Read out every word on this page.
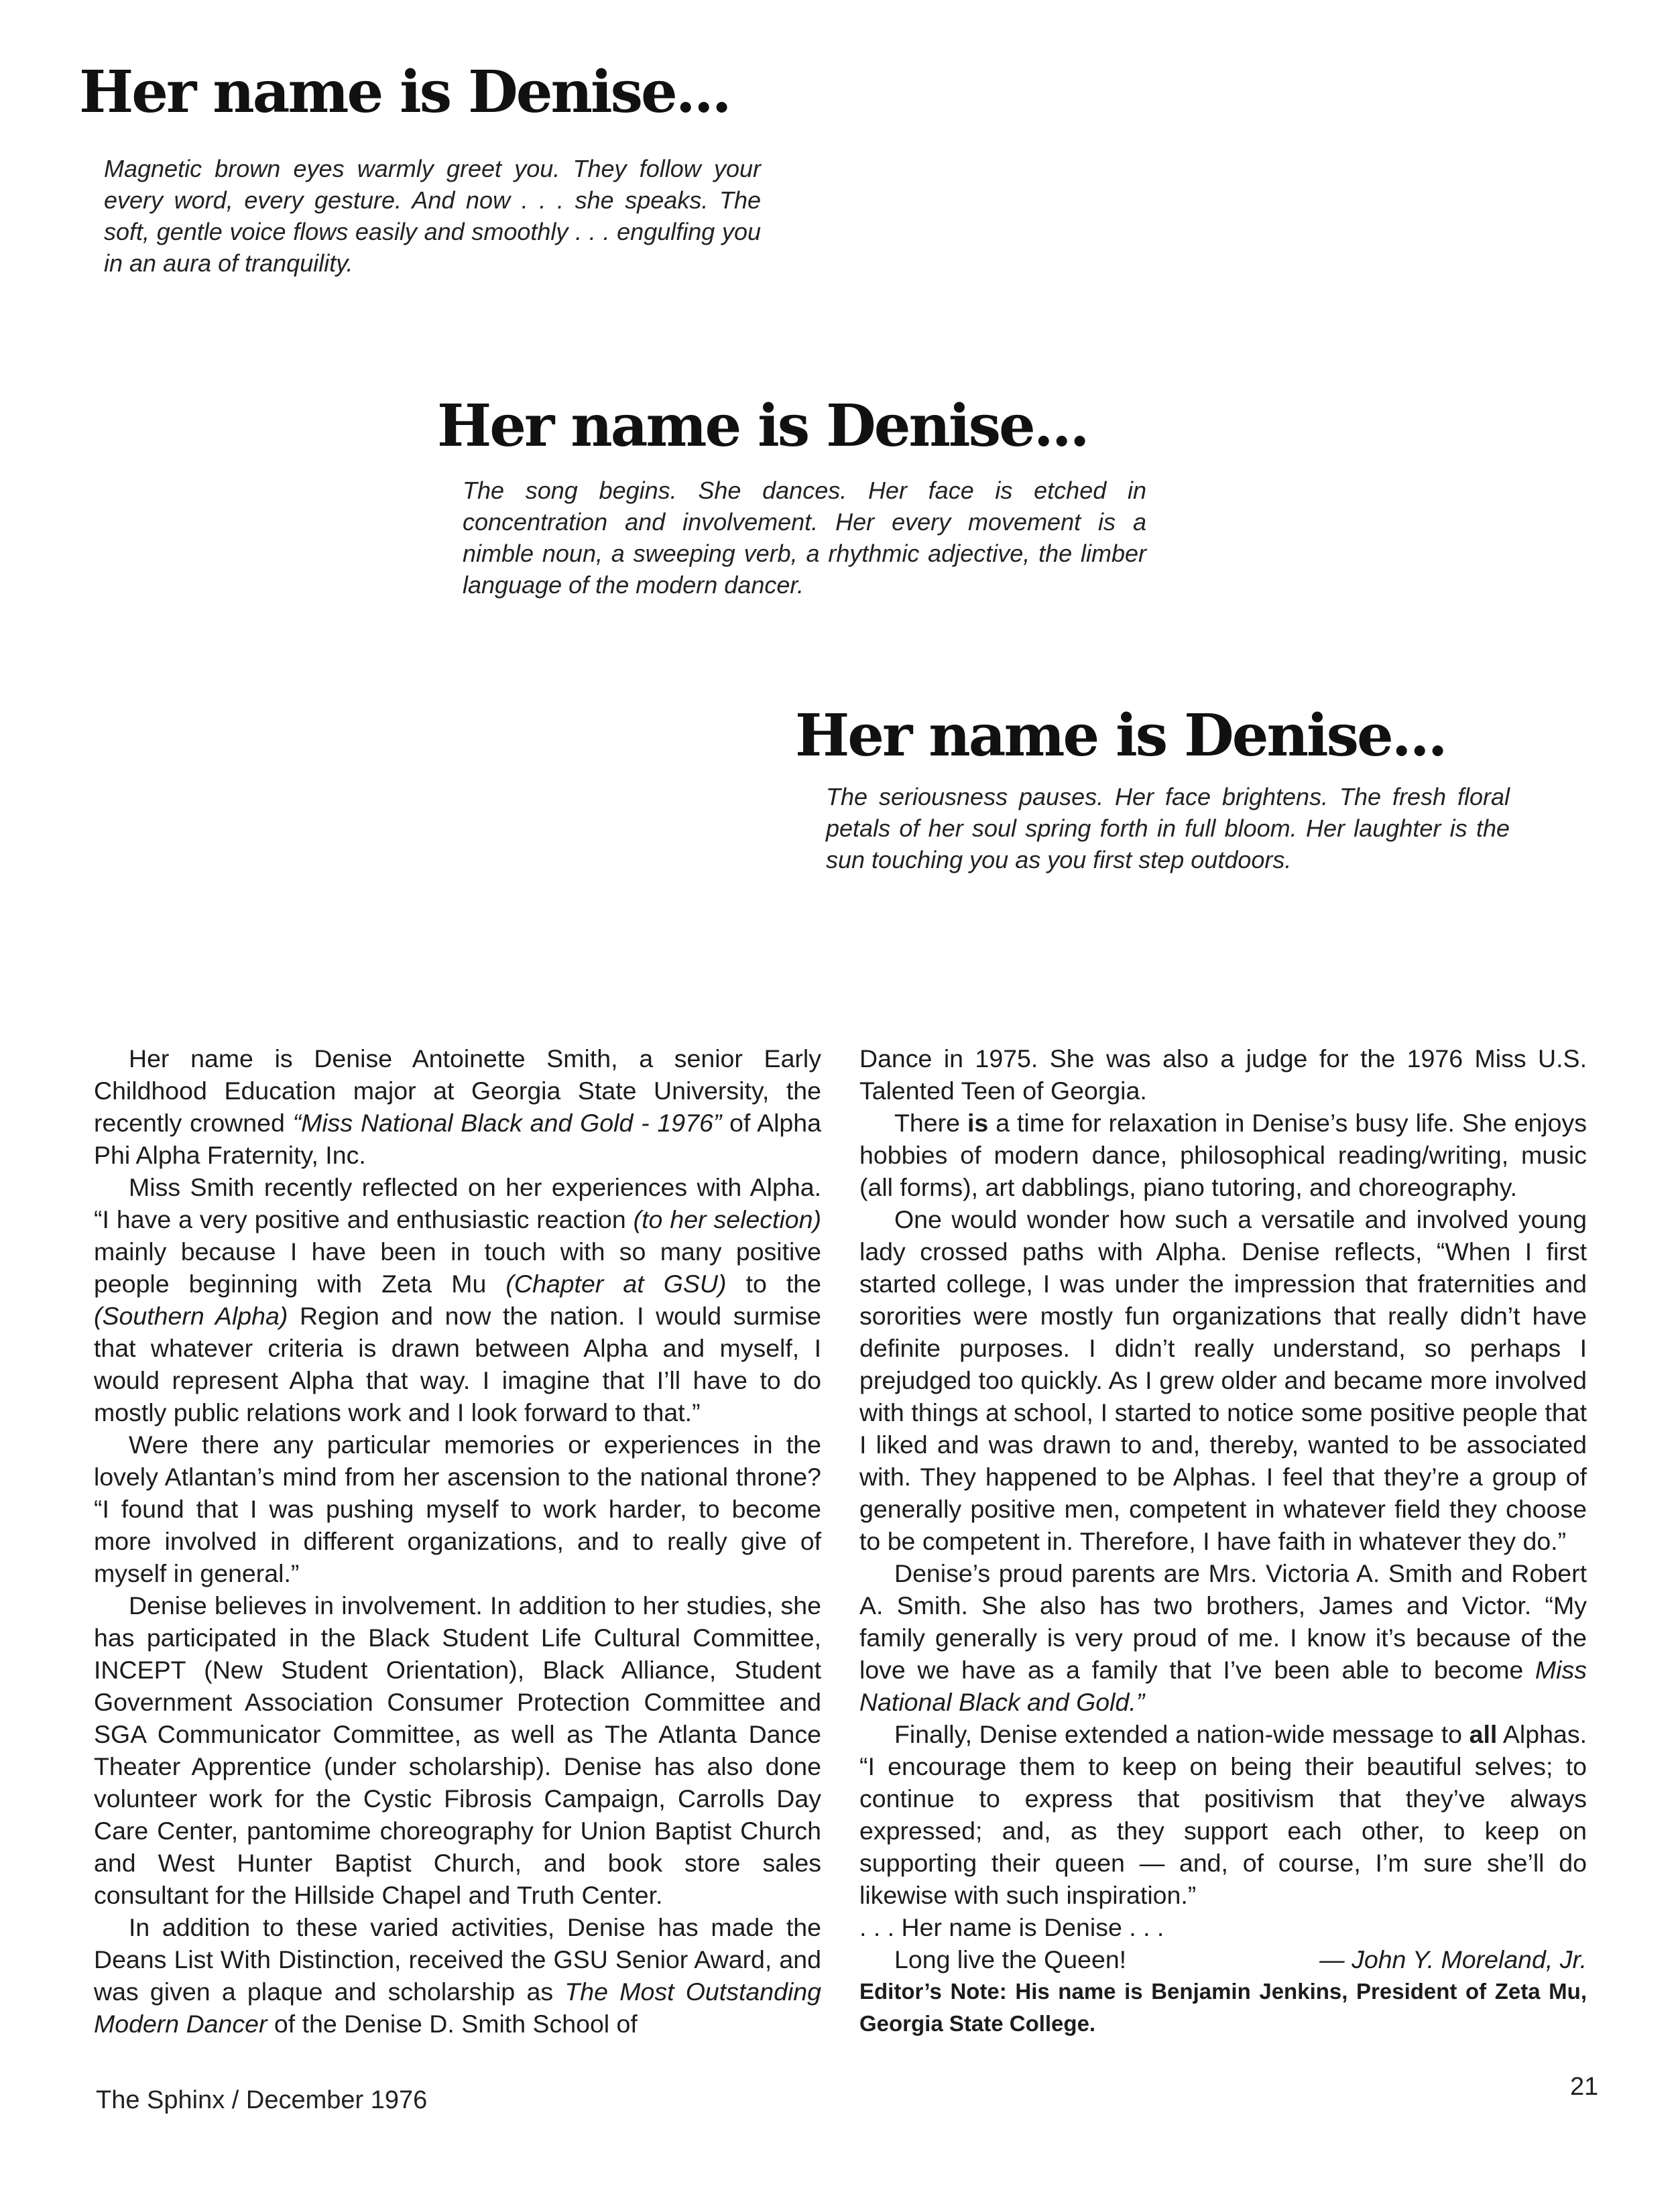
Her name is Denise...

Magnetic brown eyes warmly greet you. They follow your every word, every gesture. And now . . . she speaks. The soft, gentle voice flows easily and smoothly . . . engulfing you in an aura of tranquility.

Her name is Denise...

The song begins. She dances. Her face is etched in concentration and involvement. Her every movement is a nimble noun, a sweeping verb, a rhythmic adjective, the limber language of the modern dancer.

Her name is Denise...

The seriousness pauses. Her face brightens. The fresh floral petals of her soul spring forth in full bloom. Her laughter is the sun touching you as you first step outdoors.

Her name is Denise Antoinette Smith, a senior Early Childhood Education major at Georgia State University, the recently crowned “Miss National Black and Gold - 1976” of Alpha Phi Alpha Fraternity, Inc.

Miss Smith recently reflected on her experiences with Alpha. “I have a very positive and enthusiastic reaction (to her selection) mainly because I have been in touch with so many positive people beginning with Zeta Mu (Chapter at GSU) to the (Southern Alpha) Region and now the nation. I would surmise that whatever criteria is drawn between Alpha and myself, I would represent Alpha that way. I imagine that I’ll have to do mostly public relations work and I look forward to that.”

Were there any particular memories or experiences in the lovely Atlantan’s mind from her ascension to the national throne? “I found that I was pushing myself to work harder, to become more involved in different organizations, and to really give of myself in general.”

Denise believes in involvement. In addition to her studies, she has participated in the Black Student Life Cultural Committee, INCEPT (New Student Orientation), Black Alliance, Student Government Association Consumer Protection Committee and SGA Communicator Committee, as well as The Atlanta Dance Theater Apprentice (under scholarship). Denise has also done volunteer work for the Cystic Fibrosis Campaign, Carrolls Day Care Center, pantomime choreography for Union Baptist Church and West Hunter Baptist Church, and book store sales consultant for the Hillside Chapel and Truth Center.

In addition to these varied activities, Denise has made the Deans List With Distinction, received the GSU Senior Award, and was given a plaque and scholarship as The Most Outstanding Modern Dancer of the Denise D. Smith School of

Dance in 1975. She was also a judge for the 1976 Miss U.S. Talented Teen of Georgia.

There is a time for relaxation in Denise’s busy life. She enjoys hobbies of modern dance, philosophical reading/writing, music (all forms), art dabblings, piano tutoring, and choreography.

One would wonder how such a versatile and involved young lady crossed paths with Alpha. Denise reflects, “When I first started college, I was under the impression that fraternities and sororities were mostly fun organizations that really didn’t have definite purposes. I didn’t really understand, so perhaps I prejudged too quickly. As I grew older and became more involved with things at school, I started to notice some positive people that I liked and was drawn to and, thereby, wanted to be associated with. They happened to be Alphas. I feel that they’re a group of generally positive men, competent in whatever field they choose to be competent in. Therefore, I have faith in whatever they do.”

Denise’s proud parents are Mrs. Victoria A. Smith and Robert A. Smith. She also has two brothers, James and Victor. “My family generally is very proud of me. I know it’s because of the love we have as a family that I’ve been able to become Miss National Black and Gold.”

Finally, Denise extended a nation-wide message to all Alphas. “I encourage them to keep on being their beautiful selves; to continue to express that positivism that they’ve always expressed; and, as they support each other, to keep on supporting their queen — and, of course, I’m sure she’ll do likewise with such inspiration.”

. . . Her name is Denise . . .

Long live the Queen!	— John Y. Moreland, Jr.

Editor’s Note: His name is Benjamin Jenkins, President of Zeta Mu, Georgia State College.

The Sphinx / December 1976	21
